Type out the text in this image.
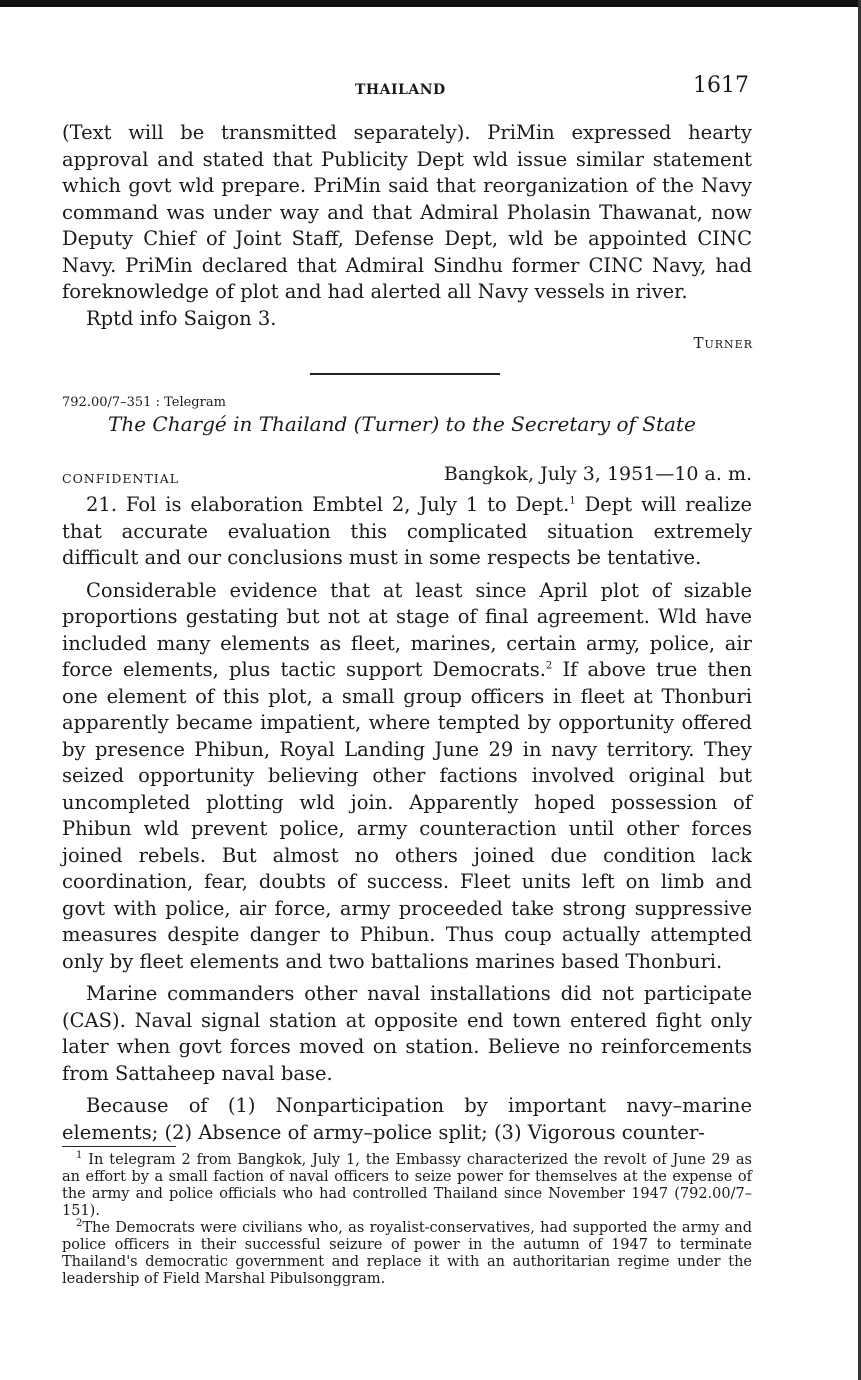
THAILAND	1617

(Text will be transmitted separately). PriMin expressed hearty approval and stated that Publicity Dept wld issue similar statement which govt wld prepare. PriMin said that reorganization of the Navy command was under way and that Admiral Pholasin Thawanat, now Deputy Chief of Joint Staff, Defense Dept, wld be appointed CINC Navy. PriMin declared that Admiral Sindhu former CINC Navy, had foreknowledge of plot and had alerted all Navy vessels in river.

Rptd info Saigon 3.

Turner
792.00/7–351 : Telegram
The Chargé in Thailand (Turner) to the Secretary of State
CONFIDENTIAL	Bangkok, July 3, 1951—10 a. m.

21. Fol is elaboration Embtel 2, July 1 to Dept.$^1$ Dept will realize that accurate evaluation this complicated situation extremely difficult and our conclusions must in some respects be tentative.

Considerable evidence that at least since April plot of sizable proportions gestating but not at stage of final agreement. Wld have included many elements as fleet, marines, certain army, police, air force elements, plus tactic support Democrats.$^2$ If above true then one element of this plot, a small group officers in fleet at Thonburi apparently became impatient, where tempted by opportunity offered by presence Phibun, Royal Landing June 29 in navy territory. They seized opportunity believing other factions involved original but uncompleted plotting wld join. Apparently hoped possession of Phibun wld prevent police, army counteraction until other forces joined rebels. But almost no others joined due condition lack coordination, fear, doubts of success. Fleet units left on limb and govt with police, air force, army proceeded take strong suppressive measures despite danger to Phibun. Thus coup actually attempted only by fleet elements and two battalions marines based Thonburi.

Marine commanders other naval installations did not participate (CAS). Naval signal station at opposite end town entered fight only later when govt forces moved on station. Believe no reinforcements from Sattaheep naval base.

Because of (1) Nonparticipation by important navy–marine elements; (2) Absence of army–police split; (3) Vigorous counter-

$^1$ In telegram 2 from Bangkok, July 1, the Embassy characterized the revolt of June 29 as an effort by a small faction of naval officers to seize power for themselves at the expense of the army and police officials who had controlled Thailand since November 1947 (792.00/7–151).

$^2$The Democrats were civilians who, as royalist-conservatives, had supported the army and police officers in their successful seizure of power in the autumn of 1947 to terminate Thailand's democratic government and replace it with an authoritarian regime under the leadership of Field Marshal Pibulsonggram.
